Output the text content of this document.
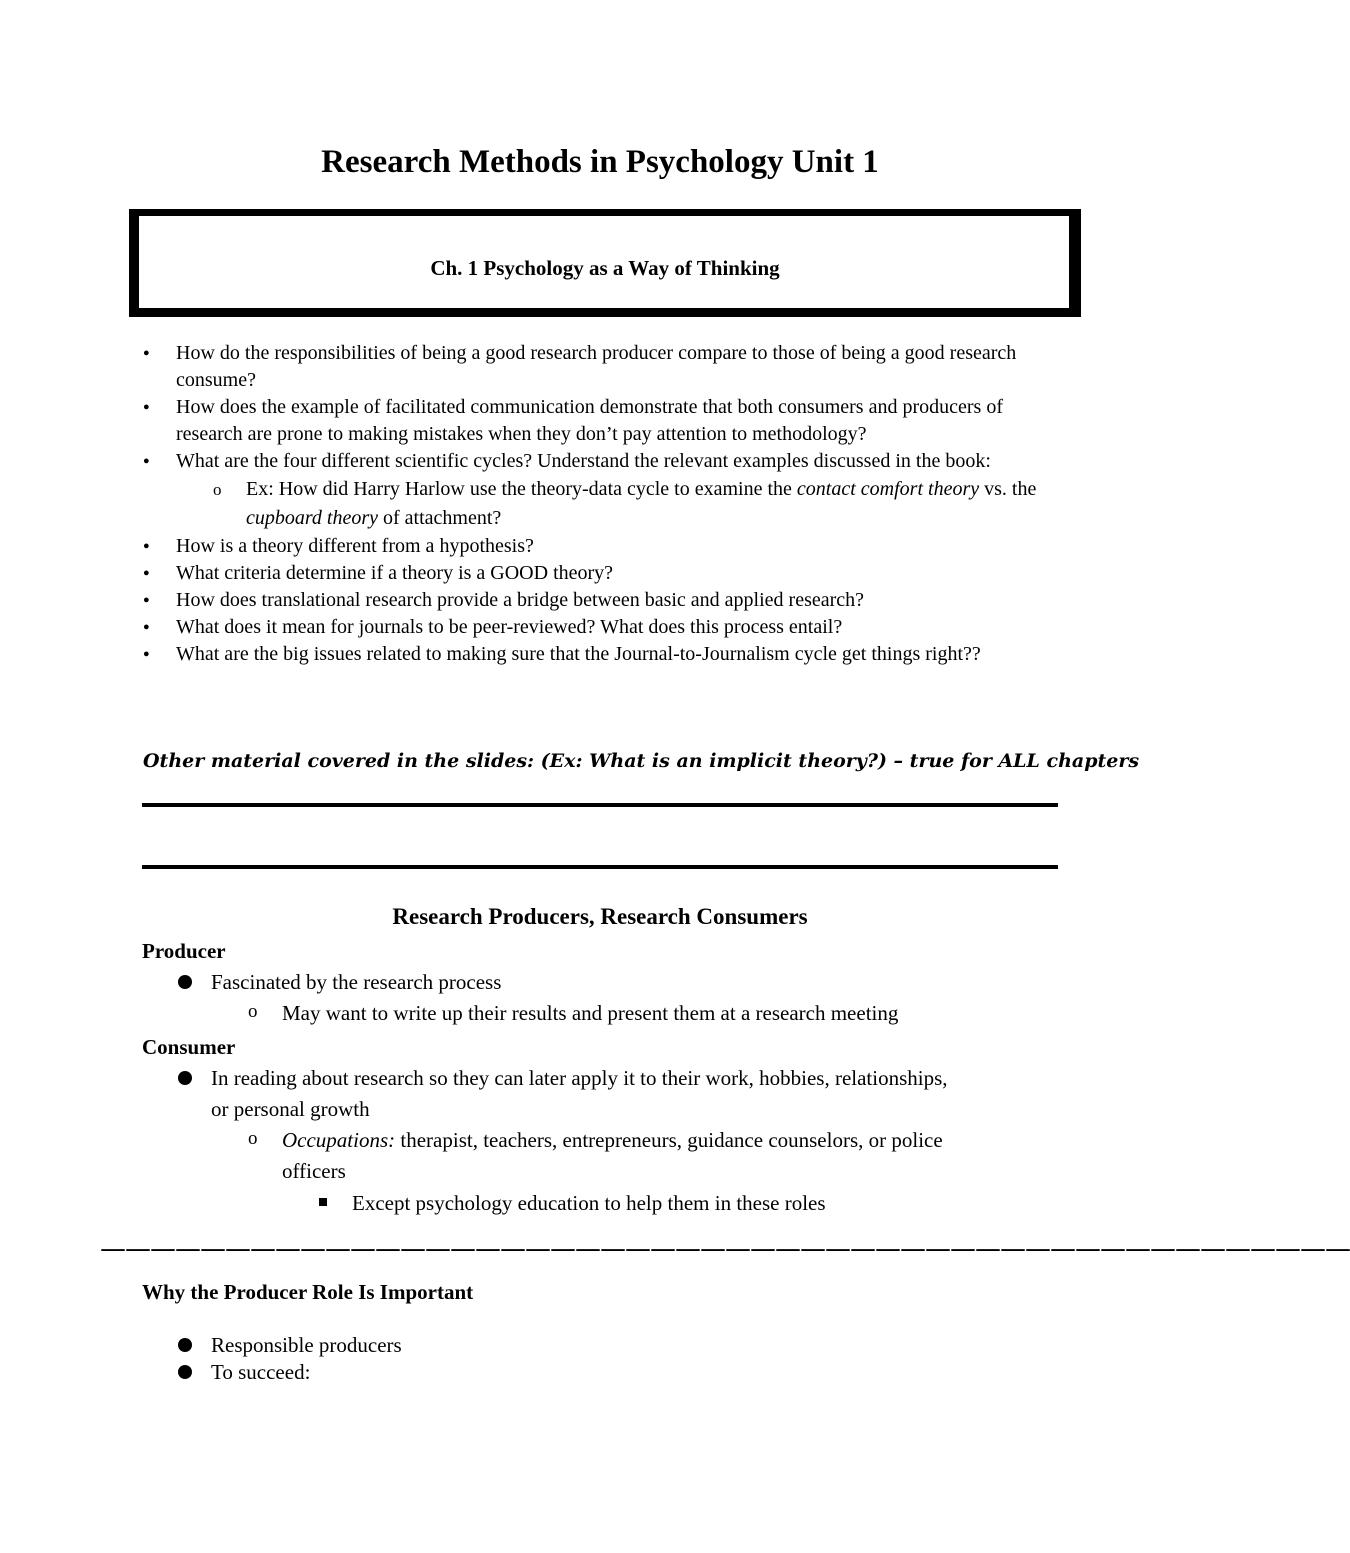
Research Methods in Psychology Unit 1
Ch. 1 Psychology as a Way of Thinking
● How do the responsibilities of being a good research producer compare to those of being a good research consume?
● How does the example of facilitated communication demonstrate that both consumers and producers of research are prone to making mistakes when they don’t pay attention to methodology?
● What are the four different scientific cycles? Understand the relevant examples discussed in the book:
o Ex: How did Harry Harlow use the theory-data cycle to examine the contact comfort theory vs. the cupboard theory of attachment?
● How is a theory different from a hypothesis?
● What criteria determine if a theory is a GOOD theory?
● How does translational research provide a bridge between basic and applied research?
● What does it mean for journals to be peer-reviewed? What does this process entail?
● What are the big issues related to making sure that the Journal-to-Journalism cycle get things right??
Other material covered in the slides: (Ex: What is an implicit theory?) – true for ALL chapters
Research Producers, Research Consumers
Producer
Fascinated by the research process
o May want to write up their results and present them at a research meeting
Consumer
In reading about research so they can later apply it to their work, hobbies, relationships,
or personal growth
o Occupations: therapist, teachers, entrepreneurs, guidance counselors, or police
officers
Except psychology education to help them in these roles
——————————————————————————————————————————————————
Why the Producer Role Is Important
Responsible producers
To succeed:
